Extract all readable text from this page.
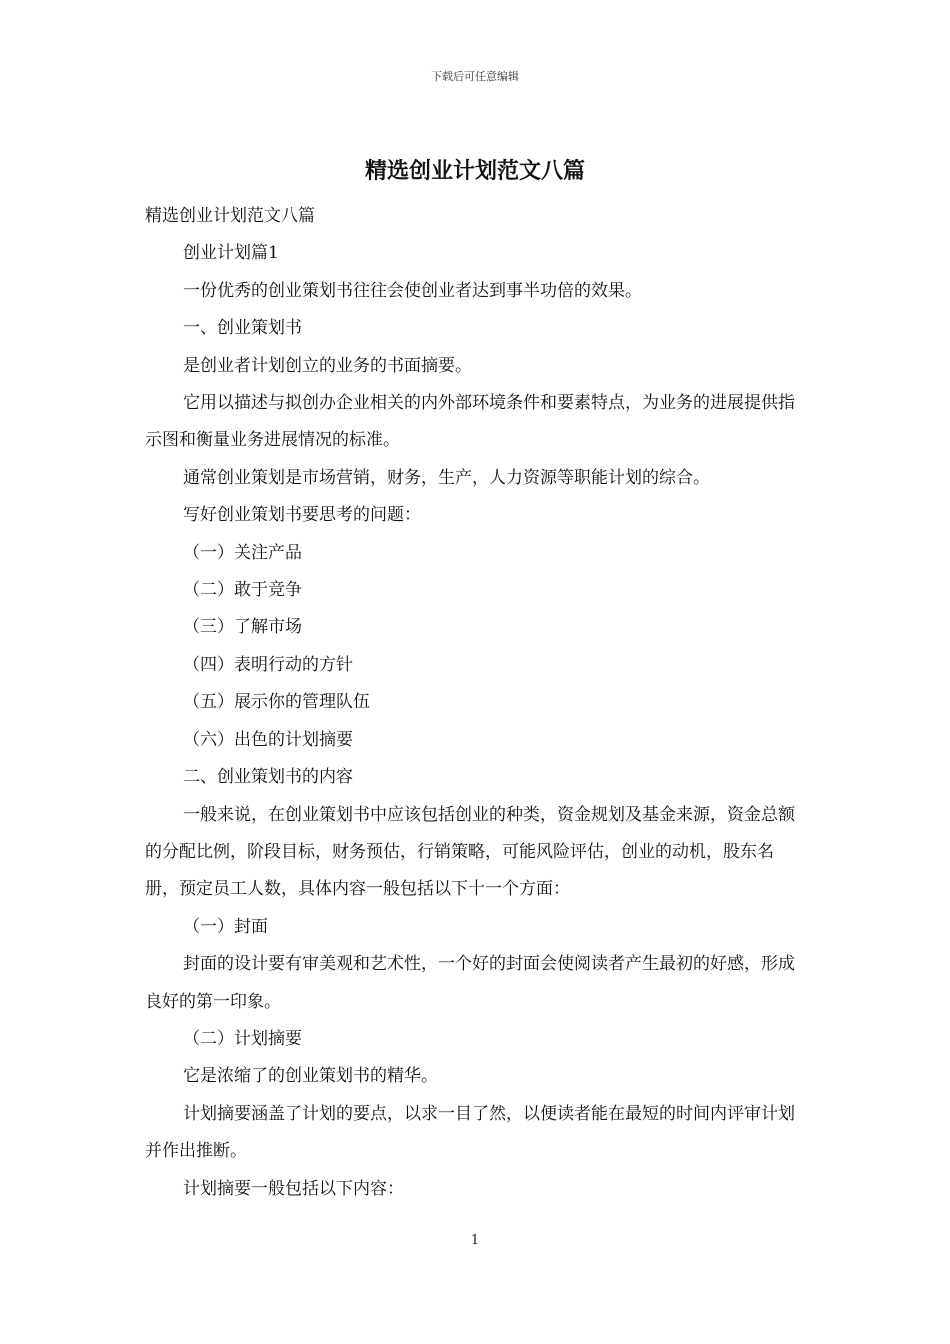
下载后可任意编辑
精选创业计划范文八篇

精选创业计划范文八篇

创业计划篇1

一份优秀的创业策划书往往会使创业者达到事半功倍的效果。

一、创业策划书

是创业者计划创立的业务的书面摘要。

它用以描述与拟创办企业相关的内外部环境条件和要素特点，为业务的进展提供指示图和衡量业务进展情况的标准。

通常创业策划是市场营销，财务，生产，人力资源等职能计划的综合。

写好创业策划书要思考的问题：

（一）关注产品

（二）敢于竞争

（三）了解市场

（四）表明行动的方针

（五）展示你的管理队伍

（六）出色的计划摘要

二、创业策划书的内容

一般来说，在创业策划书中应该包括创业的种类，资金规划及基金来源，资金总额的分配比例，阶段目标，财务预估，行销策略，可能风险评估，创业的动机，股东名册，预定员工人数，具体内容一般包括以下十一个方面：

（一）封面

封面的设计要有审美观和艺术性，一个好的封面会使阅读者产生最初的好感，形成良好的第一印象。

（二）计划摘要

它是浓缩了的创业策划书的精华。

计划摘要涵盖了计划的要点，以求一目了然，以便读者能在最短的时间内评审计划并作出推断。

计划摘要一般包括以下内容：

1
